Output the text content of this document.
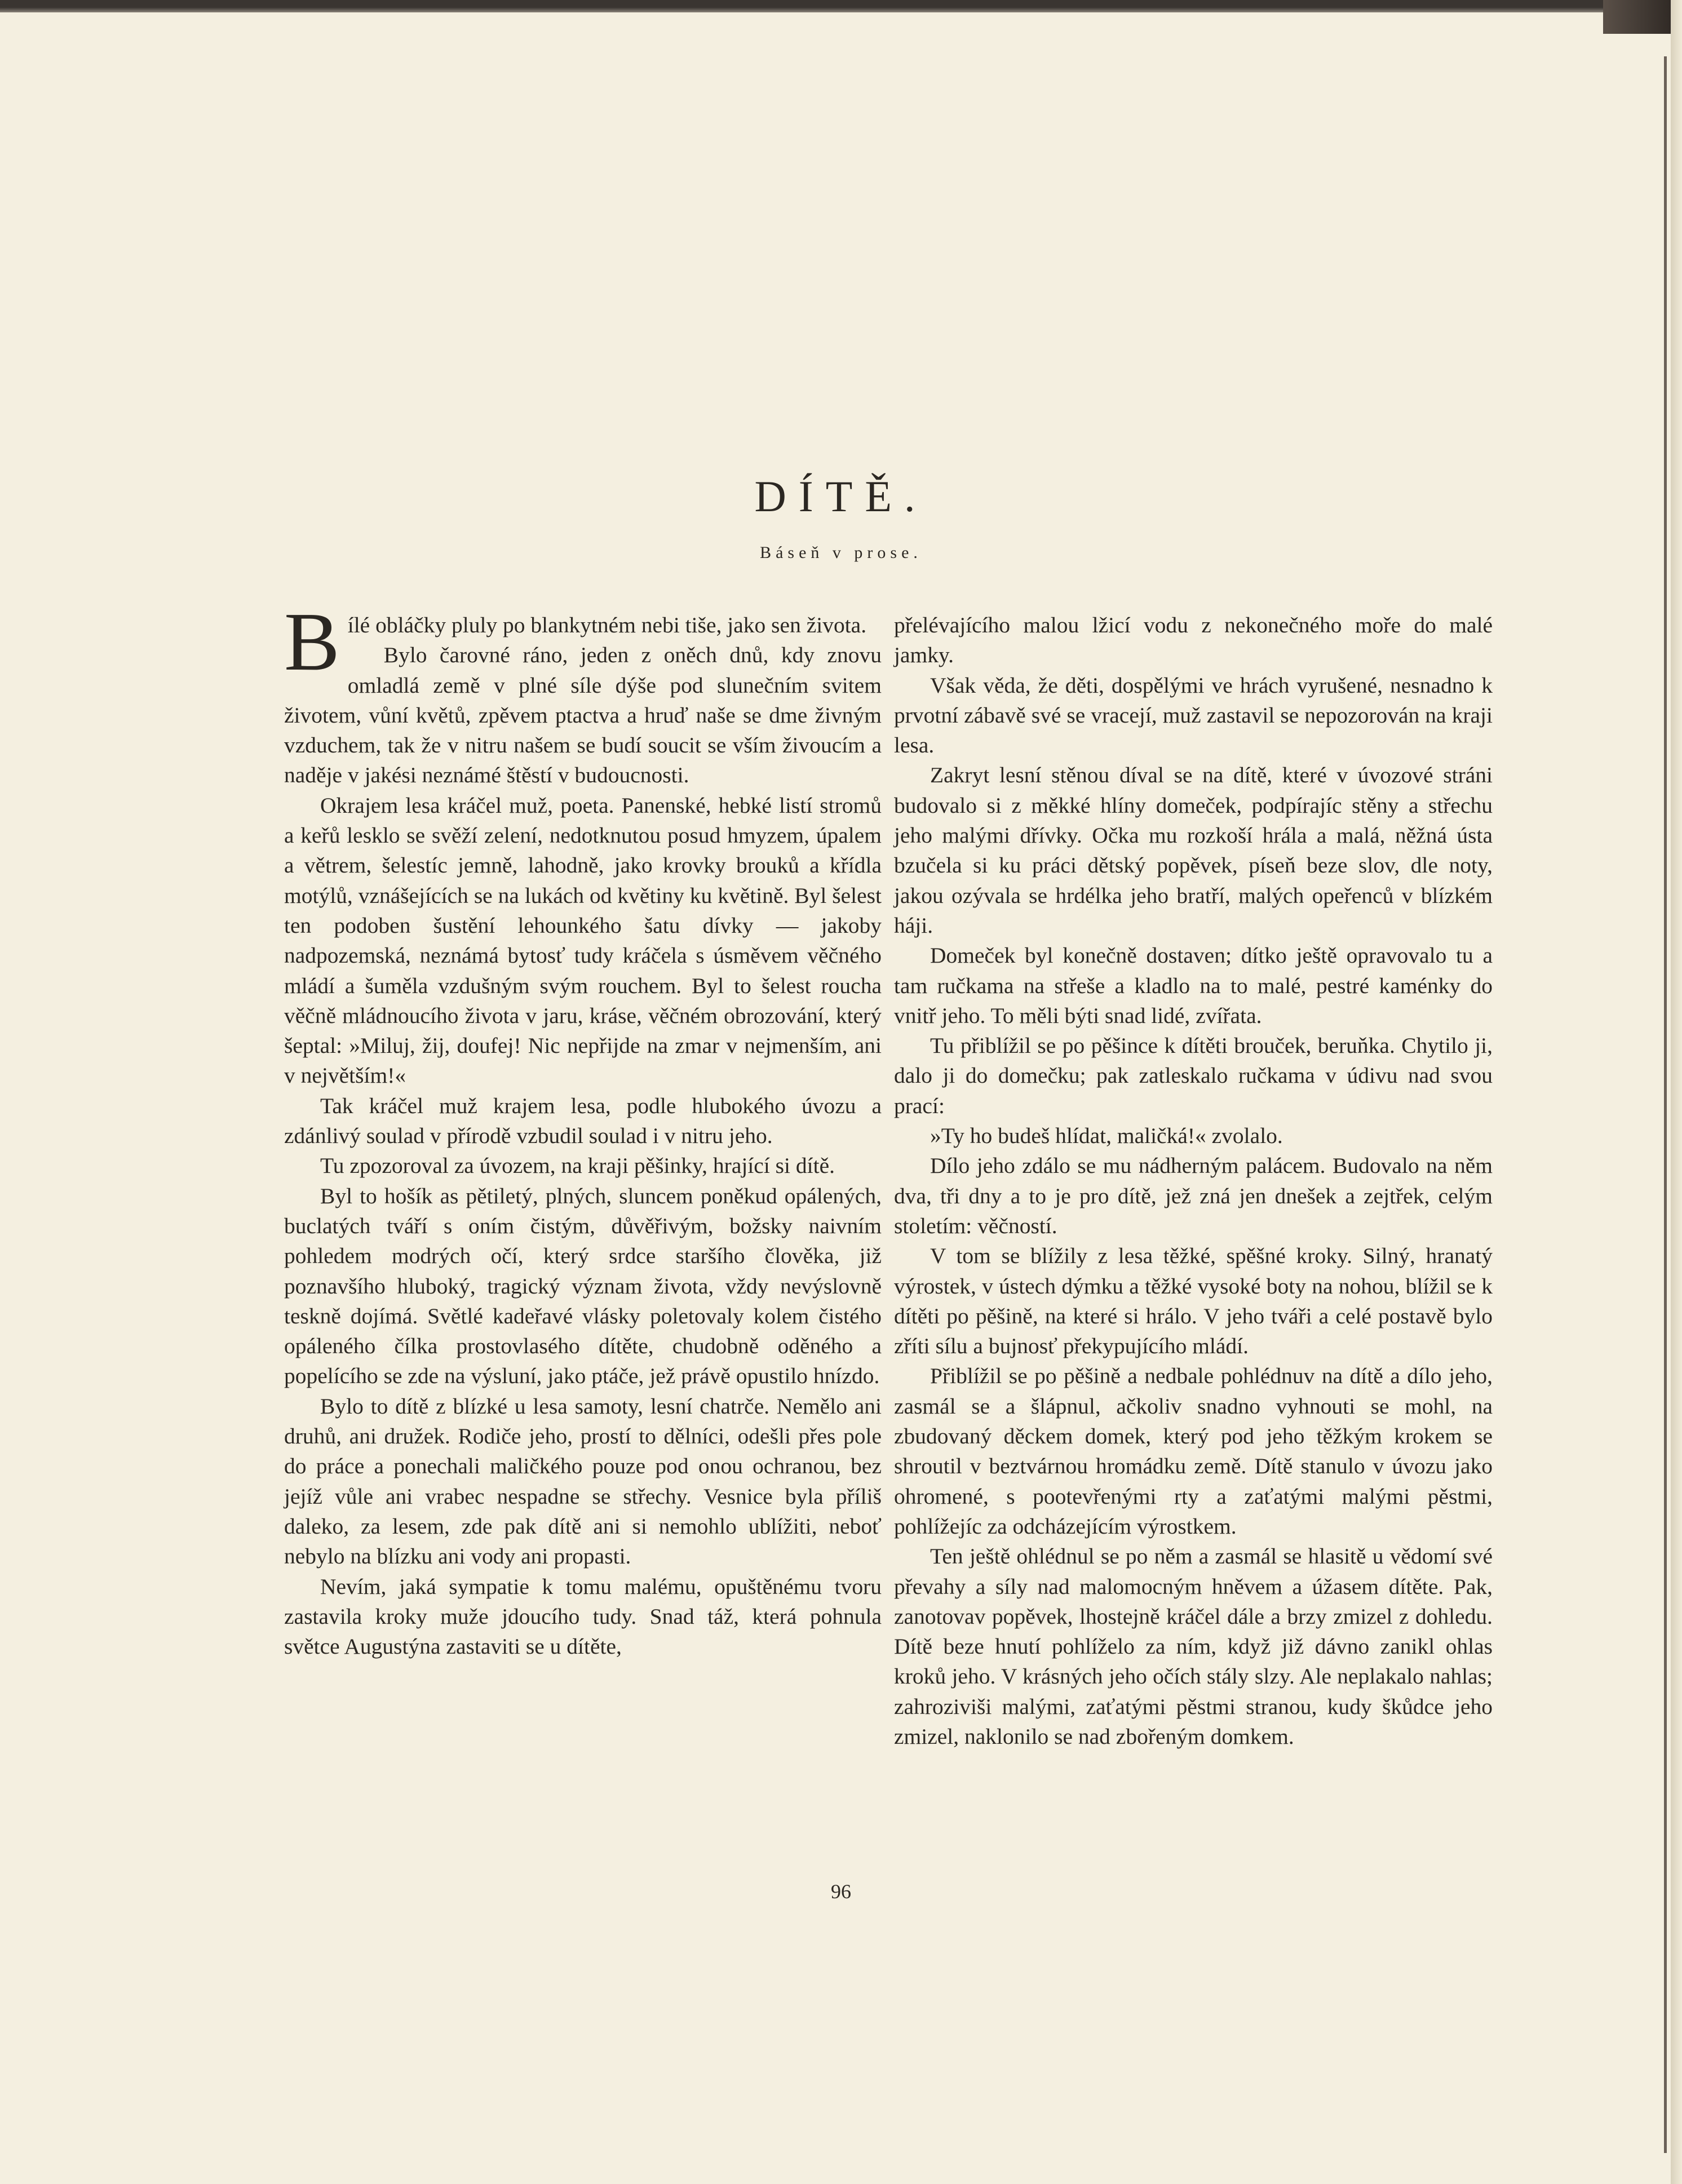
DÍTĚ.
Báseň v prose.

Bílé obláčky pluly po blankytném nebi tiše, jako sen života.

Bylo čarovné ráno, jeden z oněch dnů, kdy znovu omladlá země v plné síle dýše pod slunečním svitem životem, vůní květů, zpěvem ptactva a hruď naše se dme živným vzduchem, tak že v nitru našem se budí soucit se vším živoucím a naděje v jakési neznámé štěstí v budoucnosti.

Okrajem lesa kráčel muž, poeta. Panenské, hebké listí stromů a keřů lesklo se svěží zelení, nedotknutou posud hmyzem, úpalem a větrem, šelestíc jemně, lahodně, jako krovky brouků a křídla motýlů, vznášejících se na lukách od květiny ku květině. Byl šelest ten podoben šustění lehounkého šatu dívky — jakoby nadpozemská, neznámá bytosť tudy kráčela s úsměvem věčného mládí a šuměla vzdušným svým rouchem. Byl to šelest roucha věčně mládnoucího života v jaru, kráse, věčném obrozování, který šeptal: »Miluj, žij, doufej! Nic nepřijde na zmar v nejmenším, ani v největším!«

Tak kráčel muž krajem lesa, podle hlubokého úvozu a zdánlivý soulad v přírodě vzbudil soulad i v nitru jeho.

Tu zpozoroval za úvozem, na kraji pěšinky, hrající si dítě.

Byl to hošík as pětiletý, plných, sluncem poněkud opálených, buclatých tváří s oním čistým, důvěřivým, božsky naivním pohledem modrých očí, který srdce staršího člověka, již poznavšího hluboký, tragický význam života, vždy nevýslovně teskně dojímá. Světlé kadeřavé vlásky poletovaly kolem čistého opáleného čílka prostovlasého dítěte, chudobně oděného a popelícího se zde na výsluní, jako ptáče, jež právě opustilo hnízdo.

Bylo to dítě z blízké u lesa samoty, lesní chatrče. Nemělo ani druhů, ani družek. Rodiče jeho, prostí to dělníci, odešli přes pole do práce a ponechali maličkého pouze pod onou ochranou, bez jejíž vůle ani vrabec nespadne se střechy. Vesnice byla příliš daleko, za lesem, zde pak dítě ani si nemohlo ublížiti, neboť nebylo na blízku ani vody ani propasti.

Nevím, jaká sympatie k tomu malému, opuštěnému tvoru zastavila kroky muže jdoucího tudy. Snad táž, která pohnula světce Augustýna zastaviti se u dítěte,

přelévajícího malou lžicí vodu z nekonečného moře do malé jamky.

Však věda, že děti, dospělými ve hrách vyrušené, nesnadno k prvotní zábavě své se vracejí, muž zastavil se nepozorován na kraji lesa.

Zakryt lesní stěnou díval se na dítě, které v úvozové stráni budovalo si z měkké hlíny domeček, podpírajíc stěny a střechu jeho malými dřívky. Očka mu rozkoší hrála a malá, něžná ústa bzučela si ku práci dětský popěvek, píseň beze slov, dle noty, jakou ozývala se hrdélka jeho bratří, malých opeřenců v blízkém háji.

Domeček byl konečně dostaven; dítko ještě opravovalo tu a tam ručkama na střeše a kladlo na to malé, pestré kaménky do vnitř jeho. To měli býti snad lidé, zvířata.

Tu přiblížil se po pěšince k dítěti brouček, beruňka. Chytilo ji, dalo ji do domečku; pak zatleskalo ručkama v údivu nad svou prací:

»Ty ho budeš hlídat, maličká!« zvolalo.

Dílo jeho zdálo se mu nádherným palácem. Budovalo na něm dva, tři dny a to je pro dítě, jež zná jen dnešek a zejtřek, celým stoletím: věčností.

V tom se blížily z lesa těžké, spěšné kroky. Silný, hranatý výrostek, v ústech dýmku a těžké vysoké boty na nohou, blížil se k dítěti po pěšině, na které si hrálo. V jeho tváři a celé postavě bylo zříti sílu a bujnosť překypujícího mládí.

Přiblížil se po pěšině a nedbale pohlédnuv na dítě a dílo jeho, zasmál se a šlápnul, ačkoliv snadno vyhnouti se mohl, na zbudovaný děckem domek, který pod jeho těžkým krokem se shroutil v beztvárnou hromádku země. Dítě stanulo v úvozu jako ohromené, s pootevřenými rty a zaťatými malými pěstmi, pohlížejíc za odcházejícím výrostkem.

Ten ještě ohlédnul se po něm a zasmál se hlasitě u vědomí své převahy a síly nad malomocným hněvem a úžasem dítěte. Pak, zanotovav popěvek, lhostejně kráčel dále a brzy zmizel z dohledu. Dítě beze hnutí pohlíželo za ním, když již dávno zanikl ohlas kroků jeho. V krásných jeho očích stály slzy. Ale neplakalo nahlas; zahroziviši malými, zaťatými pěstmi stranou, kudy škůdce jeho zmizel, naklonilo se nad zbořeným domkem.

96
